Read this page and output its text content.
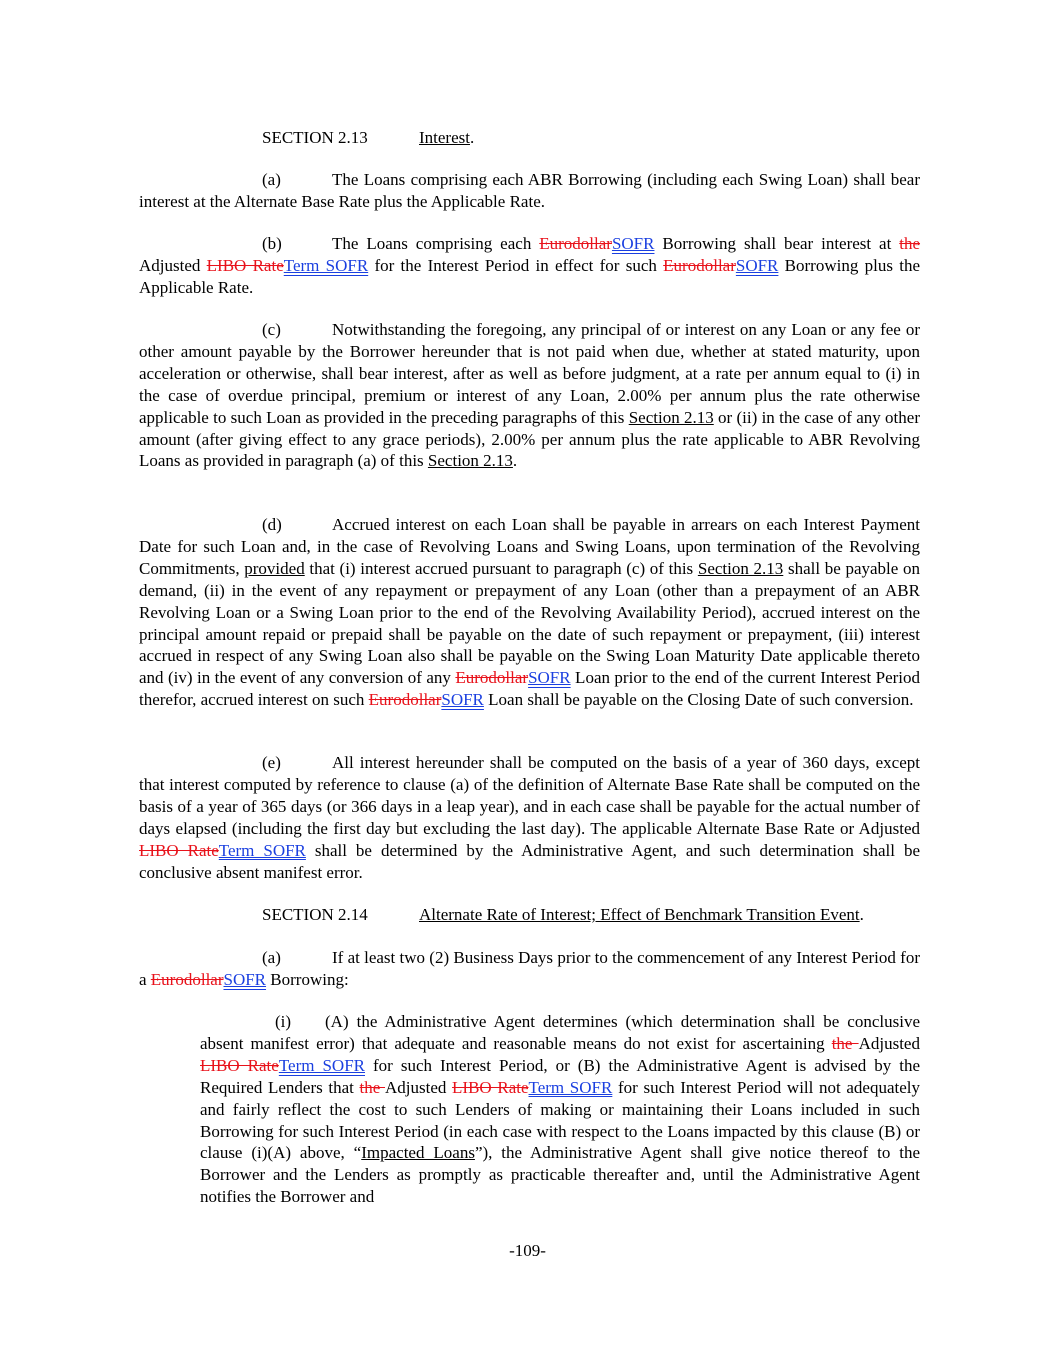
SECTION 2.13	Interest.

(a)	The Loans comprising each ABR Borrowing (including each Swing Loan) shall bear interest at the Alternate Base Rate plus the Applicable Rate.

(b)	The Loans comprising each EurodollarSOFR Borrowing shall bear interest at the Adjusted LIBO RateTerm SOFR for the Interest Period in effect for such EurodollarSOFR Borrowing plus the Applicable Rate.

(c)	Notwithstanding the foregoing, any principal of or interest on any Loan or any fee or other amount payable by the Borrower hereunder that is not paid when due, whether at stated maturity, upon acceleration or otherwise, shall bear interest, after as well as before judgment, at a rate per annum equal to (i) in the case of overdue principal, premium or interest of any Loan, 2.00% per annum plus the rate otherwise applicable to such Loan as provided in the preceding paragraphs of this Section 2.13 or (ii) in the case of any other amount (after giving effect to any grace periods), 2.00% per annum plus the rate applicable to ABR Revolving Loans as provided in paragraph (a) of this Section 2.13.

(d)	Accrued interest on each Loan shall be payable in arrears on each Interest Payment Date for such Loan and, in the case of Revolving Loans and Swing Loans, upon termination of the Revolving Commitments, provided that (i) interest accrued pursuant to paragraph (c) of this Section 2.13 shall be payable on demand, (ii) in the event of any repayment or prepayment of any Loan (other than a prepayment of an ABR Revolving Loan or a Swing Loan prior to the end of the Revolving Availability Period), accrued interest on the principal amount repaid or prepaid shall be payable on the date of such repayment or prepayment, (iii) interest accrued in respect of any Swing Loan also shall be payable on the Swing Loan Maturity Date applicable thereto and (iv) in the event of any conversion of any EurodollarSOFR Loan prior to the end of the current Interest Period therefor, accrued interest on such EurodollarSOFR Loan shall be payable on the Closing Date of such conversion.

(e)	All interest hereunder shall be computed on the basis of a year of 360 days, except that interest computed by reference to clause (a) of the definition of Alternate Base Rate shall be computed on the basis of a year of 365 days (or 366 days in a leap year), and in each case shall be payable for the actual number of days elapsed (including the first day but excluding the last day). The applicable Alternate Base Rate or Adjusted LIBO RateTerm SOFR shall be determined by the Administrative Agent, and such determination shall be conclusive absent manifest error.

SECTION 2.14	Alternate Rate of Interest; Effect of Benchmark Transition Event.

(a)	If at least two (2) Business Days prior to the commencement of any Interest Period for a EurodollarSOFR Borrowing:

(i) (A) the Administrative Agent determines (which determination shall be conclusive absent manifest error) that adequate and reasonable means do not exist for ascertaining the Adjusted LIBO RateTerm SOFR for such Interest Period, or (B) the Administrative Agent is advised by the Required Lenders that the Adjusted LIBO RateTerm SOFR for such Interest Period will not adequately and fairly reflect the cost to such Lenders of making or maintaining their Loans included in such Borrowing for such Interest Period (in each case with respect to the Loans impacted by this clause (B) or clause (i)(A) above, “Impacted Loans”), the Administrative Agent shall give notice thereof to the Borrower and the Lenders as promptly as practicable thereafter and, until the Administrative Agent notifies the Borrower and

-109-
